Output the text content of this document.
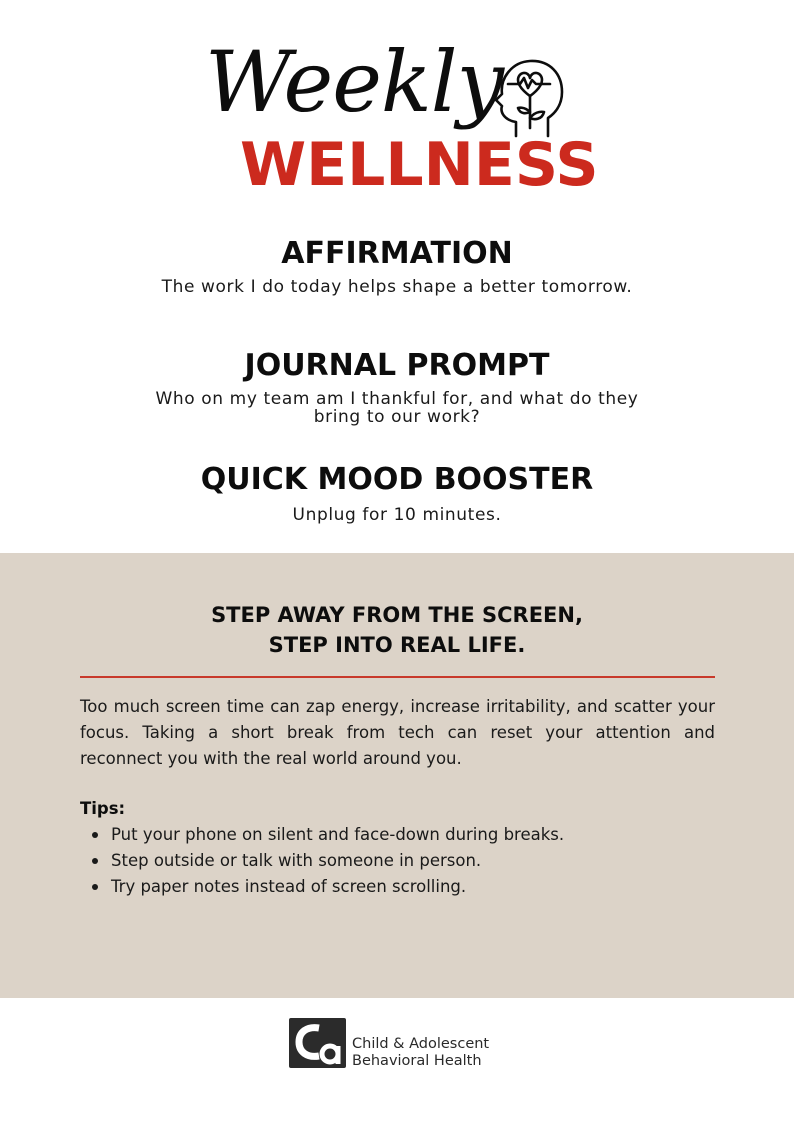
Weekly
WELLNESS
AFFIRMATION

The work I do today helps shape a better tomorrow.

JOURNAL PROMPT

Who on my team am I thankful for, and what do they bring to our work?

QUICK MOOD BOOSTER

Unplug for 10 minutes.

STEP AWAY FROM THE SCREEN,
STEP INTO REAL LIFE.

Too much screen time can zap energy, increase irritability, and scatter your focus. Taking a short break from tech can reset your attention and reconnect you with the real world around you.

Tips:

Put your phone on silent and face-down during breaks.
Step outside or talk with someone in person.
Try paper notes instead of screen scrolling.
Child & Adolescent
Behavioral Health
